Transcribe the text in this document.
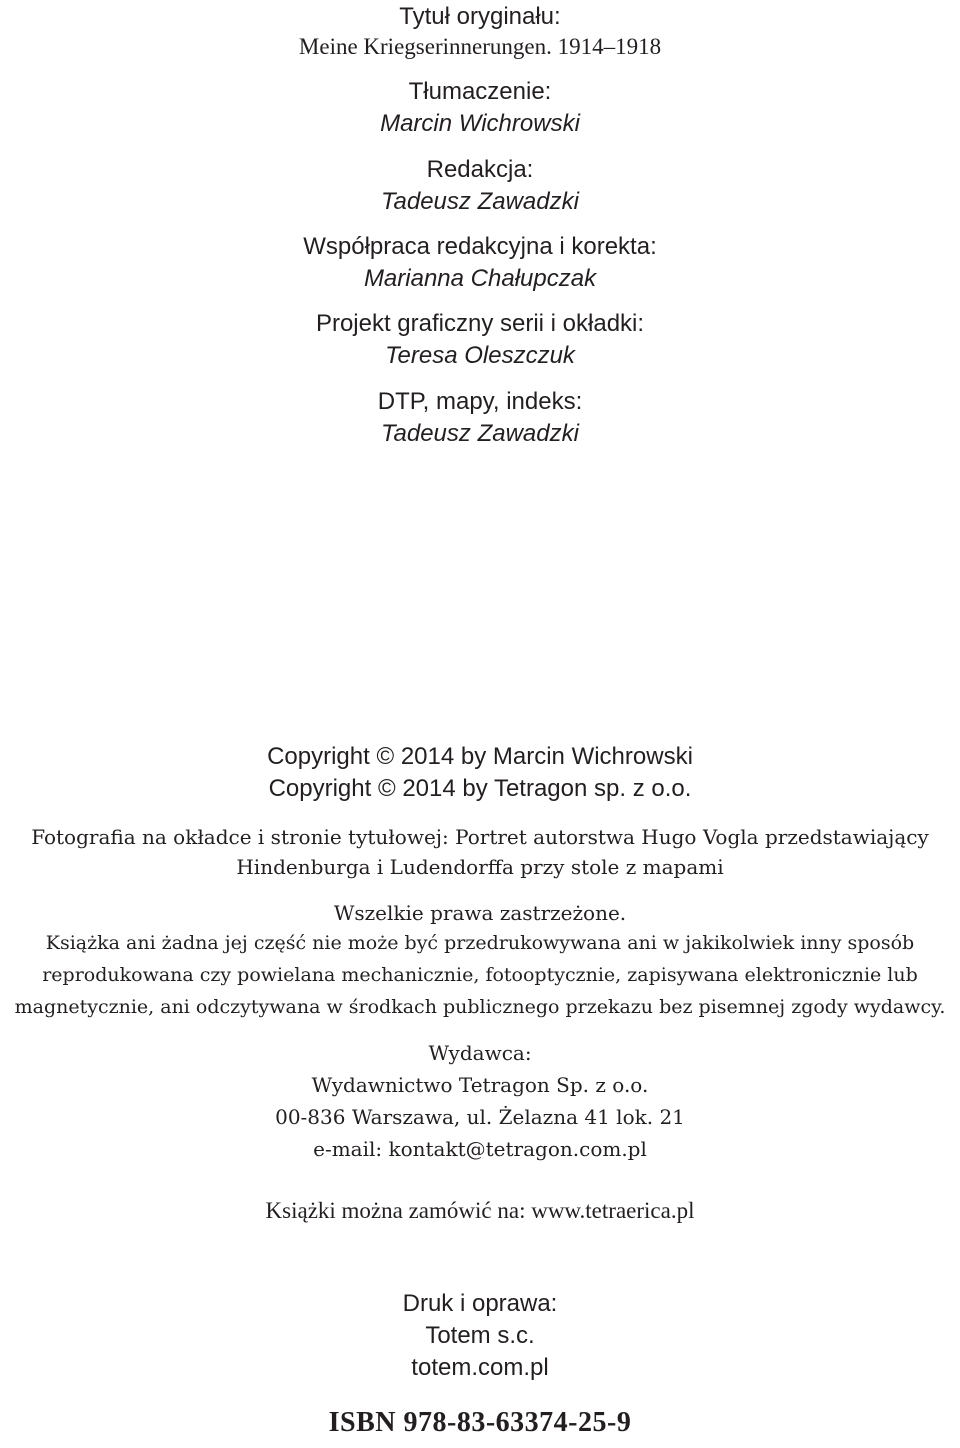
Tytuł oryginału:
Meine Kriegserinnerungen. 1914–1918
Tłumaczenie:
Marcin Wichrowski
Redakcja:
Tadeusz Zawadzki
Współpraca redakcyjna i korekta:
Marianna Chałupczak
Projekt graficzny serii i okładki:
Teresa Oleszczuk
DTP, mapy, indeks:
Tadeusz Zawadzki
Copyright © 2014 by Marcin Wichrowski
Copyright © 2014 by Tetragon sp. z o.o.
Fotografia na okładce i stronie tytułowej: Portret autorstwa Hugo Vogla przedstawiający
Hindenburga i Ludendorffa przy stole z mapami
Wszelkie prawa zastrzeżone.
Książka ani żadna jej część nie może być przedrukowywana ani w jakikolwiek inny sposób
reprodukowana czy powielana mechanicznie, fotooptycznie, zapisywana elektronicznie lub
magnetycznie, ani odczytywana w środkach publicznego przekazu bez pisemnej zgody wydawcy.
Wydawca:
Wydawnictwo Tetragon Sp. z o.o.
00-836 Warszawa, ul. Żelazna 41 lok. 21
e-mail: kontakt@tetragon.com.pl
Książki można zamówić na: www.tetraerica.pl
Druk i oprawa:
Totem s.c.
totem.com.pl
ISBN 978-83-63374-25-9
